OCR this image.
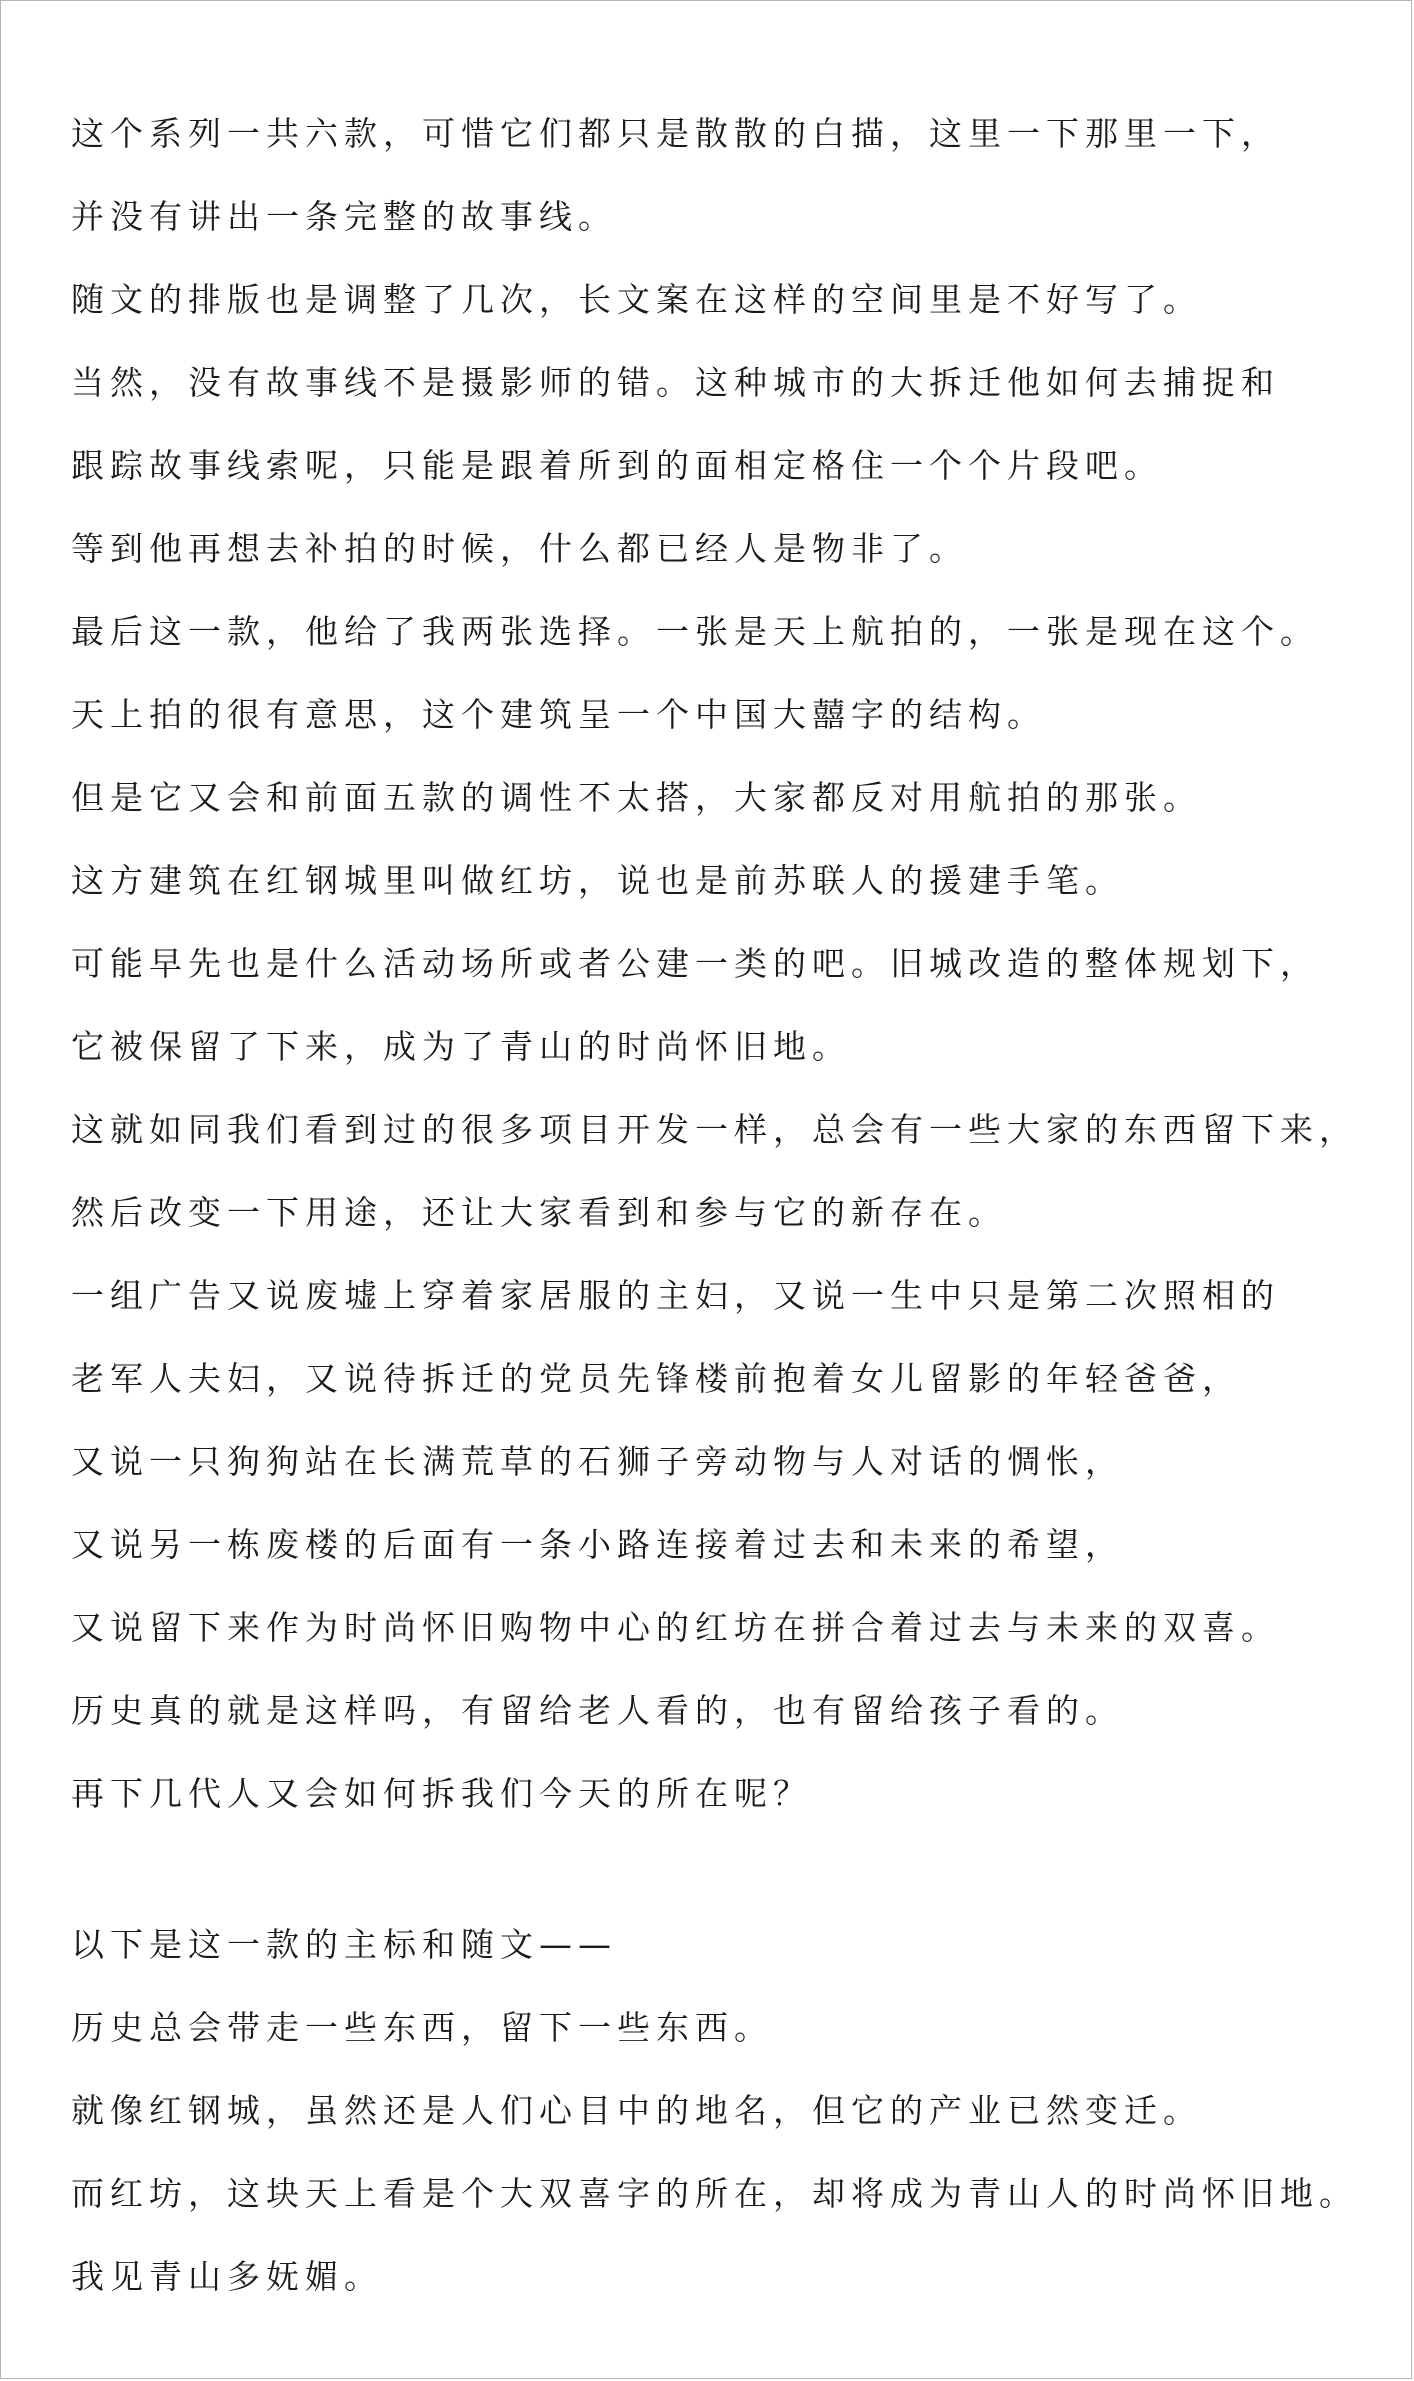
这个系列一共六款，可惜它们都只是散散的白描，这里一下那里一下，
并没有讲出一条完整的故事线。
随文的排版也是调整了几次，长文案在这样的空间里是不好写了。
当然，没有故事线不是摄影师的错。这种城市的大拆迁他如何去捕捉和
跟踪故事线索呢，只能是跟着所到的面相定格住一个个片段吧。
等到他再想去补拍的时候，什么都已经人是物非了。
最后这一款，他给了我两张选择。一张是天上航拍的，一张是现在这个。
天上拍的很有意思，这个建筑呈一个中国大囍字的结构。
但是它又会和前面五款的调性不太搭，大家都反对用航拍的那张。
这方建筑在红钢城里叫做红坊，说也是前苏联人的援建手笔。
可能早先也是什么活动场所或者公建一类的吧。旧城改造的整体规划下，
它被保留了下来，成为了青山的时尚怀旧地。
这就如同我们看到过的很多项目开发一样，总会有一些大家的东西留下来，
然后改变一下用途，还让大家看到和参与它的新存在。
一组广告又说废墟上穿着家居服的主妇，又说一生中只是第二次照相的
老军人夫妇，又说待拆迁的党员先锋楼前抱着女儿留影的年轻爸爸，
又说一只狗狗站在长满荒草的石狮子旁动物与人对话的惆怅，
又说另一栋废楼的后面有一条小路连接着过去和未来的希望，
又说留下来作为时尚怀旧购物中心的红坊在拼合着过去与未来的双喜。
历史真的就是这样吗，有留给老人看的，也有留给孩子看的。
再下几代人又会如何拆我们今天的所在呢？
以下是这一款的主标和随文——
历史总会带走一些东西，留下一些东西。
就像红钢城，虽然还是人们心目中的地名，但它的产业已然变迁。
而红坊，这块天上看是个大双喜字的所在，却将成为青山人的时尚怀旧地。
我见青山多妩媚。
